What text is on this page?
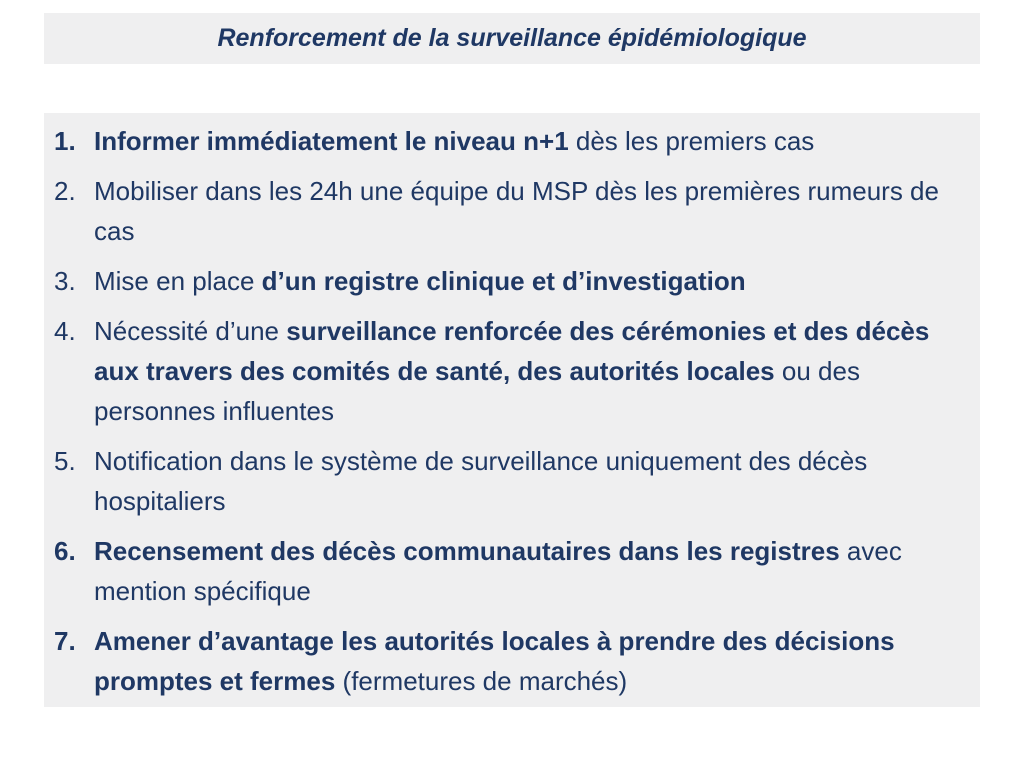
Renforcement de la surveillance épidémiologique
1. Informer immédiatement le niveau n+1 dès les premiers cas
2. Mobiliser dans les 24h une équipe du MSP dès les premières rumeurs de cas
3. Mise en place d’un registre clinique et d’investigation
4. Nécessité d’une surveillance renforcée des cérémonies et des décès aux travers des comités de santé, des autorités locales ou des personnes influentes
5. Notification dans le système de surveillance uniquement des décès hospitaliers
6. Recensement des décès communautaires dans les registres avec mention spécifique
7. Amener d’avantage les autorités locales à prendre des décisions promptes et fermes (fermetures de marchés)
